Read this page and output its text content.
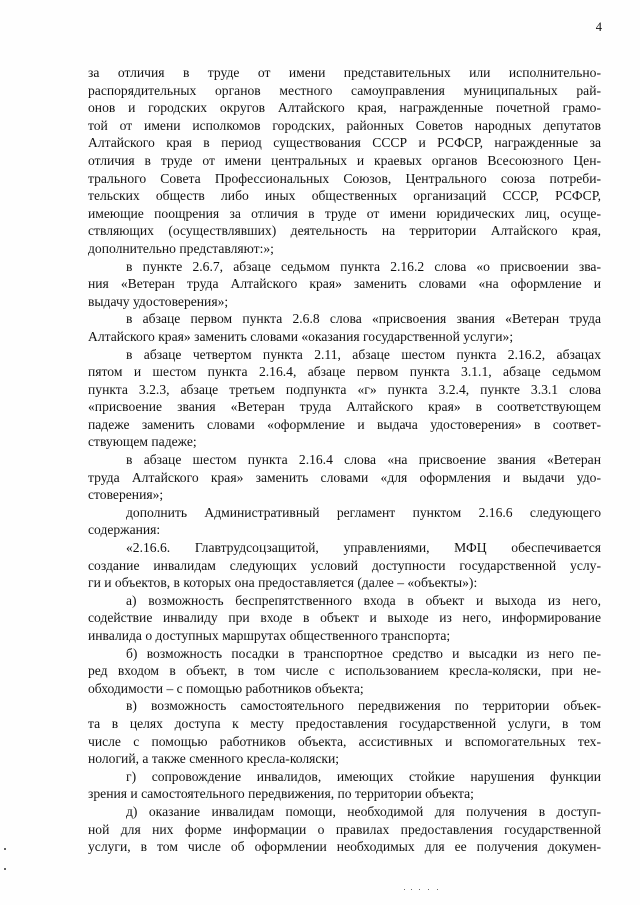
4
за отличия в труде от имени представительных или исполнительно-
распорядительных органов местного самоуправления муниципальных рай-
онов и городских округов Алтайского края, награжденные почетной грамо-
той от имени исполкомов городских, районных Советов народных депутатов
Алтайского края в период существования СССР и РСФСР, награжденные за
отличия в труде от имени центральных и краевых органов Всесоюзного Цен-
трального Совета Профессиональных Союзов, Центрального союза потреби-
тельских обществ либо иных общественных организаций СССР, РСФСР,
имеющие поощрения за отличия в труде от имени юридических лиц, осуще-
ствляющих (осуществлявших) деятельность на территории Алтайского края,
дополнительно представляют:»;
в пункте 2.6.7, абзаце седьмом пункта 2.16.2 слова «о присвоении зва-
ния «Ветеран труда Алтайского края» заменить словами «на оформление и
выдачу удостоверения»;
в абзаце первом пункта 2.6.8 слова «присвоения звания «Ветеран труда
Алтайского края» заменить словами «оказания государственной услуги»;
в абзаце четвертом пункта 2.11, абзаце шестом пункта 2.16.2, абзацах
пятом и шестом пункта 2.16.4, абзаце первом пункта 3.1.1, абзаце седьмом
пункта 3.2.3, абзаце третьем подпункта «г» пункта 3.2.4, пункте 3.3.1 слова
«присвоение звания «Ветеран труда Алтайского края» в соответствующем
падеже заменить словами «оформление и выдача удостоверения» в соответ-
ствующем падеже;
в абзаце шестом пункта 2.16.4 слова «на присвоение звания «Ветеран
труда Алтайского края» заменить словами «для оформления и выдачи удо-
стоверения»;
дополнить Административный регламент пунктом 2.16.6 следующего
содержания:
«2.16.6. Главтрудсоцзащитой, управлениями, МФЦ обеспечивается
создание инвалидам следующих условий доступности государственной услу-
ги и объектов, в которых она предоставляется (далее – «объекты»):
а) возможность беспрепятственного входа в объект и выхода из него,
содействие инвалиду при входе в объект и выходе из него, информирование
инвалида о доступных маршрутах общественного транспорта;
б) возможность посадки в транспортное средство и высадки из него пе-
ред входом в объект, в том числе с использованием кресла-коляски, при не-
обходимости – с помощью работников объекта;
в) возможность самостоятельного передвижения по территории объек-
та в целях доступа к месту предоставления государственной услуги, в том
числе с помощью работников объекта, ассистивных и вспомогательных тех-
нологий, а также сменного кресла-коляски;
г) сопровождение инвалидов, имеющих стойкие нарушения функции
зрения и самостоятельного передвижения, по территории объекта;
д) оказание инвалидам помощи, необходимой для получения в доступ-
ной для них форме информации о правилах предоставления государственной
услуги, в том числе об оформлении необходимых для ее получения докумен-
